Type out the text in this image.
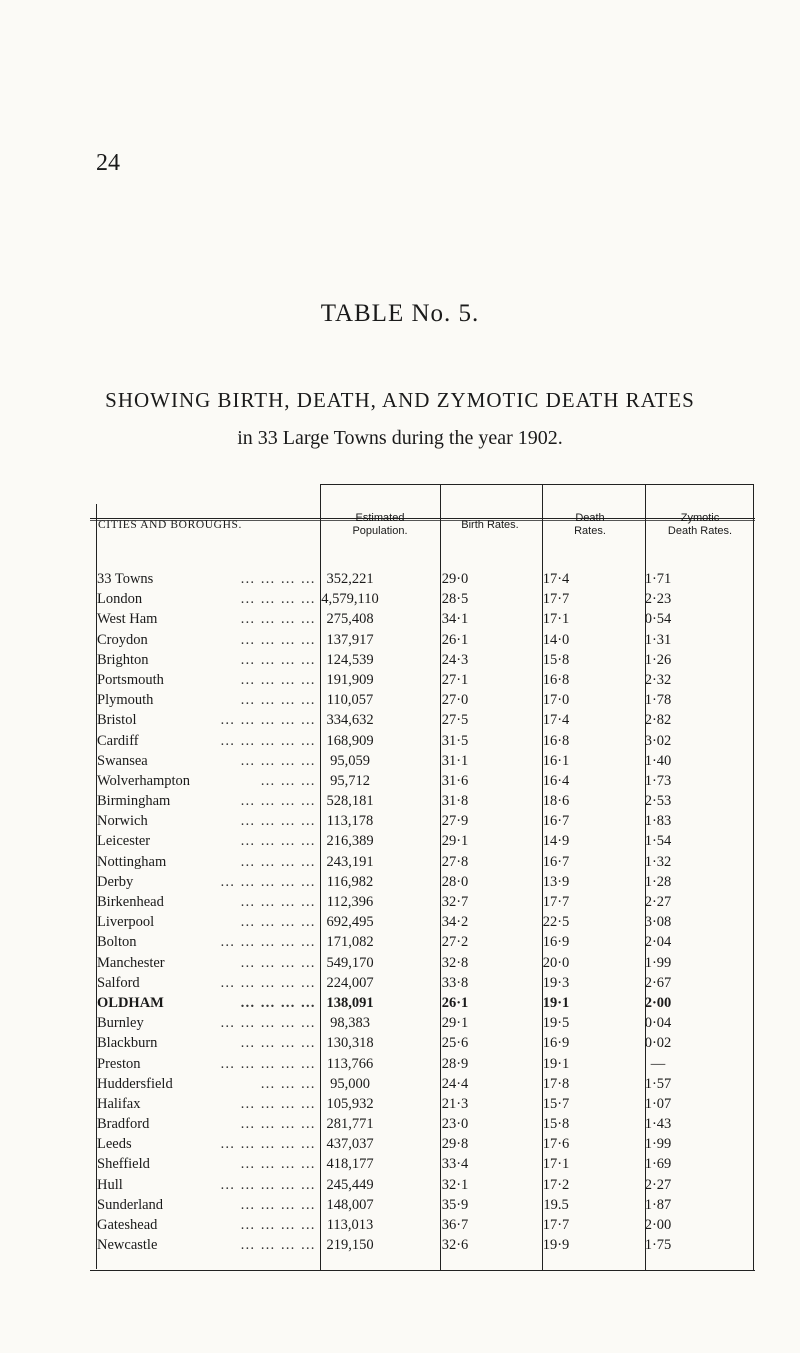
24
TABLE No. 5.
SHOWING BIRTH, DEATH, AND ZYMOTIC DEATH RATES
in 33 Large Towns during the year 1902.
CITIES AND BOROUGHS.
Estimated Population.
Birth Rates.
Death Rates.
Zymotic Death Rates.
… … … …
33 Towns	352,221	29·0	17·4	1·71
… … … …
London	4,579,110	28·5	17·7	2·23
… … … …
West Ham	275,408	34·1	17·1	0·54
… … … …
Croydon	137,917	26·1	14·0	1·31
… … … …
Brighton	124,539	24·3	15·8	1·26
… … … …
Portsmouth	191,909	27·1	16·8	2·32
… … … …
Plymouth	110,057	27·0	17·0	1·78
… … … … …
Bristol	334,632	27·5	17·4	2·82
… … … … …
Cardiff	168,909	31·5	16·8	3·02
… … … …
Swansea	95,059	31·1	16·1	1·40
… … …
Wolverhampton	95,712	31·6	16·4	1·73
… … … …
Birmingham	528,181	31·8	18·6	2·53
… … … …
Norwich	113,178	27·9	16·7	1·83
… … … …
Leicester	216,389	29·1	14·9	1·54
… … … …
Nottingham	243,191	27·8	16·7	1·32
… … … … …
Derby	116,982	28·0	13·9	1·28
… … … …
Birkenhead	112,396	32·7	17·7	2·27
… … … …
Liverpool	692,495	34·2	22·5	3·08
… … … … …
Bolton	171,082	27·2	16·9	2·04
… … … …
Manchester	549,170	32·8	20·0	1·99
… … … … …
Salford	224,007	33·8	19·3	2·67
… … … …
OLDHAM	138,091	26·1	19·1	2·00
… … … … …
Burnley	98,383	29·1	19·5	0·04
… … … …
Blackburn	130,318	25·6	16·9	0·02
… … … … …
Preston	113,766	28·9	19·1	—
… … …
Huddersfield	95,000	24·4	17·8	1·57
… … … …
Halifax	105,932	21·3	15·7	1·07
… … … …
Bradford	281,771	23·0	15·8	1·43
… … … … …
Leeds	437,037	29·8	17·6	1·99
… … … …
Sheffield	418,177	33·4	17·1	1·69
… … … … …
Hull	245,449	32·1	17·2	2·27
… … … …
Sunderland	148,007	35·9	19.5	1·87
… … … …
Gateshead	113,013	36·7	17·7	2·00
… … … …
Newcastle	219,150	32·6	19·9	1·75
